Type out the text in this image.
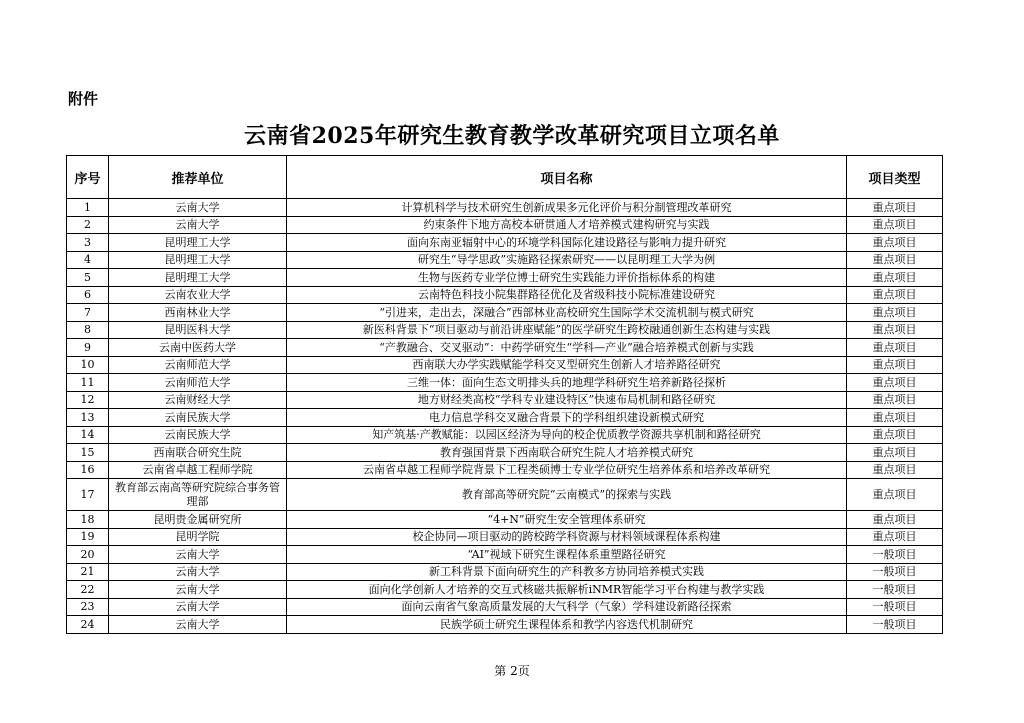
附件
云南省2025年研究生教育教学改革研究项目立项名单
序号	推荐单位	项目名称	项目类型
1	云南大学	计算机科学与技术研究生创新成果多元化评价与积分制管理改革研究	重点项目
2	云南大学	约束条件下地方高校本研贯通人才培养模式建构研究与实践	重点项目
3	昆明理工大学	面向东南亚辐射中心的环境学科国际化建设路径与影响力提升研究	重点项目
4	昆明理工大学	研究生“导学思政”实施路径探索研究——以昆明理工大学为例	重点项目
5	昆明理工大学	生物与医药专业学位博士研究生实践能力评价指标体系的构建	重点项目
6	云南农业大学	云南特色科技小院集群路径优化及省级科技小院标准建设研究	重点项目
7	西南林业大学	“引进来，走出去，深融合”西部林业高校研究生国际学术交流机制与模式研究	重点项目
8	昆明医科大学	新医科背景下“项目驱动与前沿讲座赋能”的医学研究生跨校融通创新生态构建与实践	重点项目
9	云南中医药大学	“产教融合、交叉驱动”：中药学研究生“学科—产业”融合培养模式创新与实践	重点项目
10	云南师范大学	西南联大办学实践赋能学科交叉型研究生创新人才培养路径研究	重点项目
11	云南师范大学	三维一体：面向生态文明排头兵的地理学科研究生培养新路径探析	重点项目
12	云南财经大学	地方财经类高校“学科专业建设特区”快速布局机制和路径研究	重点项目
13	云南民族大学	电力信息学科交叉融合背景下的学科组织建设新模式研究	重点项目
14	云南民族大学	知产筑基·产教赋能：以园区经济为导向的校企优质教学资源共享机制和路径研究	重点项目
15	西南联合研究生院	教育强国背景下西南联合研究生院人才培养模式研究	重点项目
16	云南省卓越工程师学院	云南省卓越工程师学院背景下工程类硕博士专业学位研究生培养体系和培养改革研究	重点项目
17	教育部云南高等研究院综合事务管理部	教育部高等研究院“云南模式”的探索与实践	重点项目
18	昆明贵金属研究所	“4+N”研究生安全管理体系研究	重点项目
19	昆明学院	校企协同—项目驱动的跨校跨学科资源与材料领域课程体系构建	重点项目
20	云南大学	“AI”视域下研究生课程体系重塑路径研究	一般项目
21	云南大学	新工科背景下面向研究生的产科教多方协同培养模式实践	一般项目
22	云南大学	面向化学创新人才培养的交互式核磁共振解析iNMR智能学习平台构建与教学实践	一般项目
23	云南大学	面向云南省气象高质量发展的大气科学（气象）学科建设新路径探索	一般项目
24	云南大学	民族学硕士研究生课程体系和教学内容迭代机制研究	一般项目
第 2页
